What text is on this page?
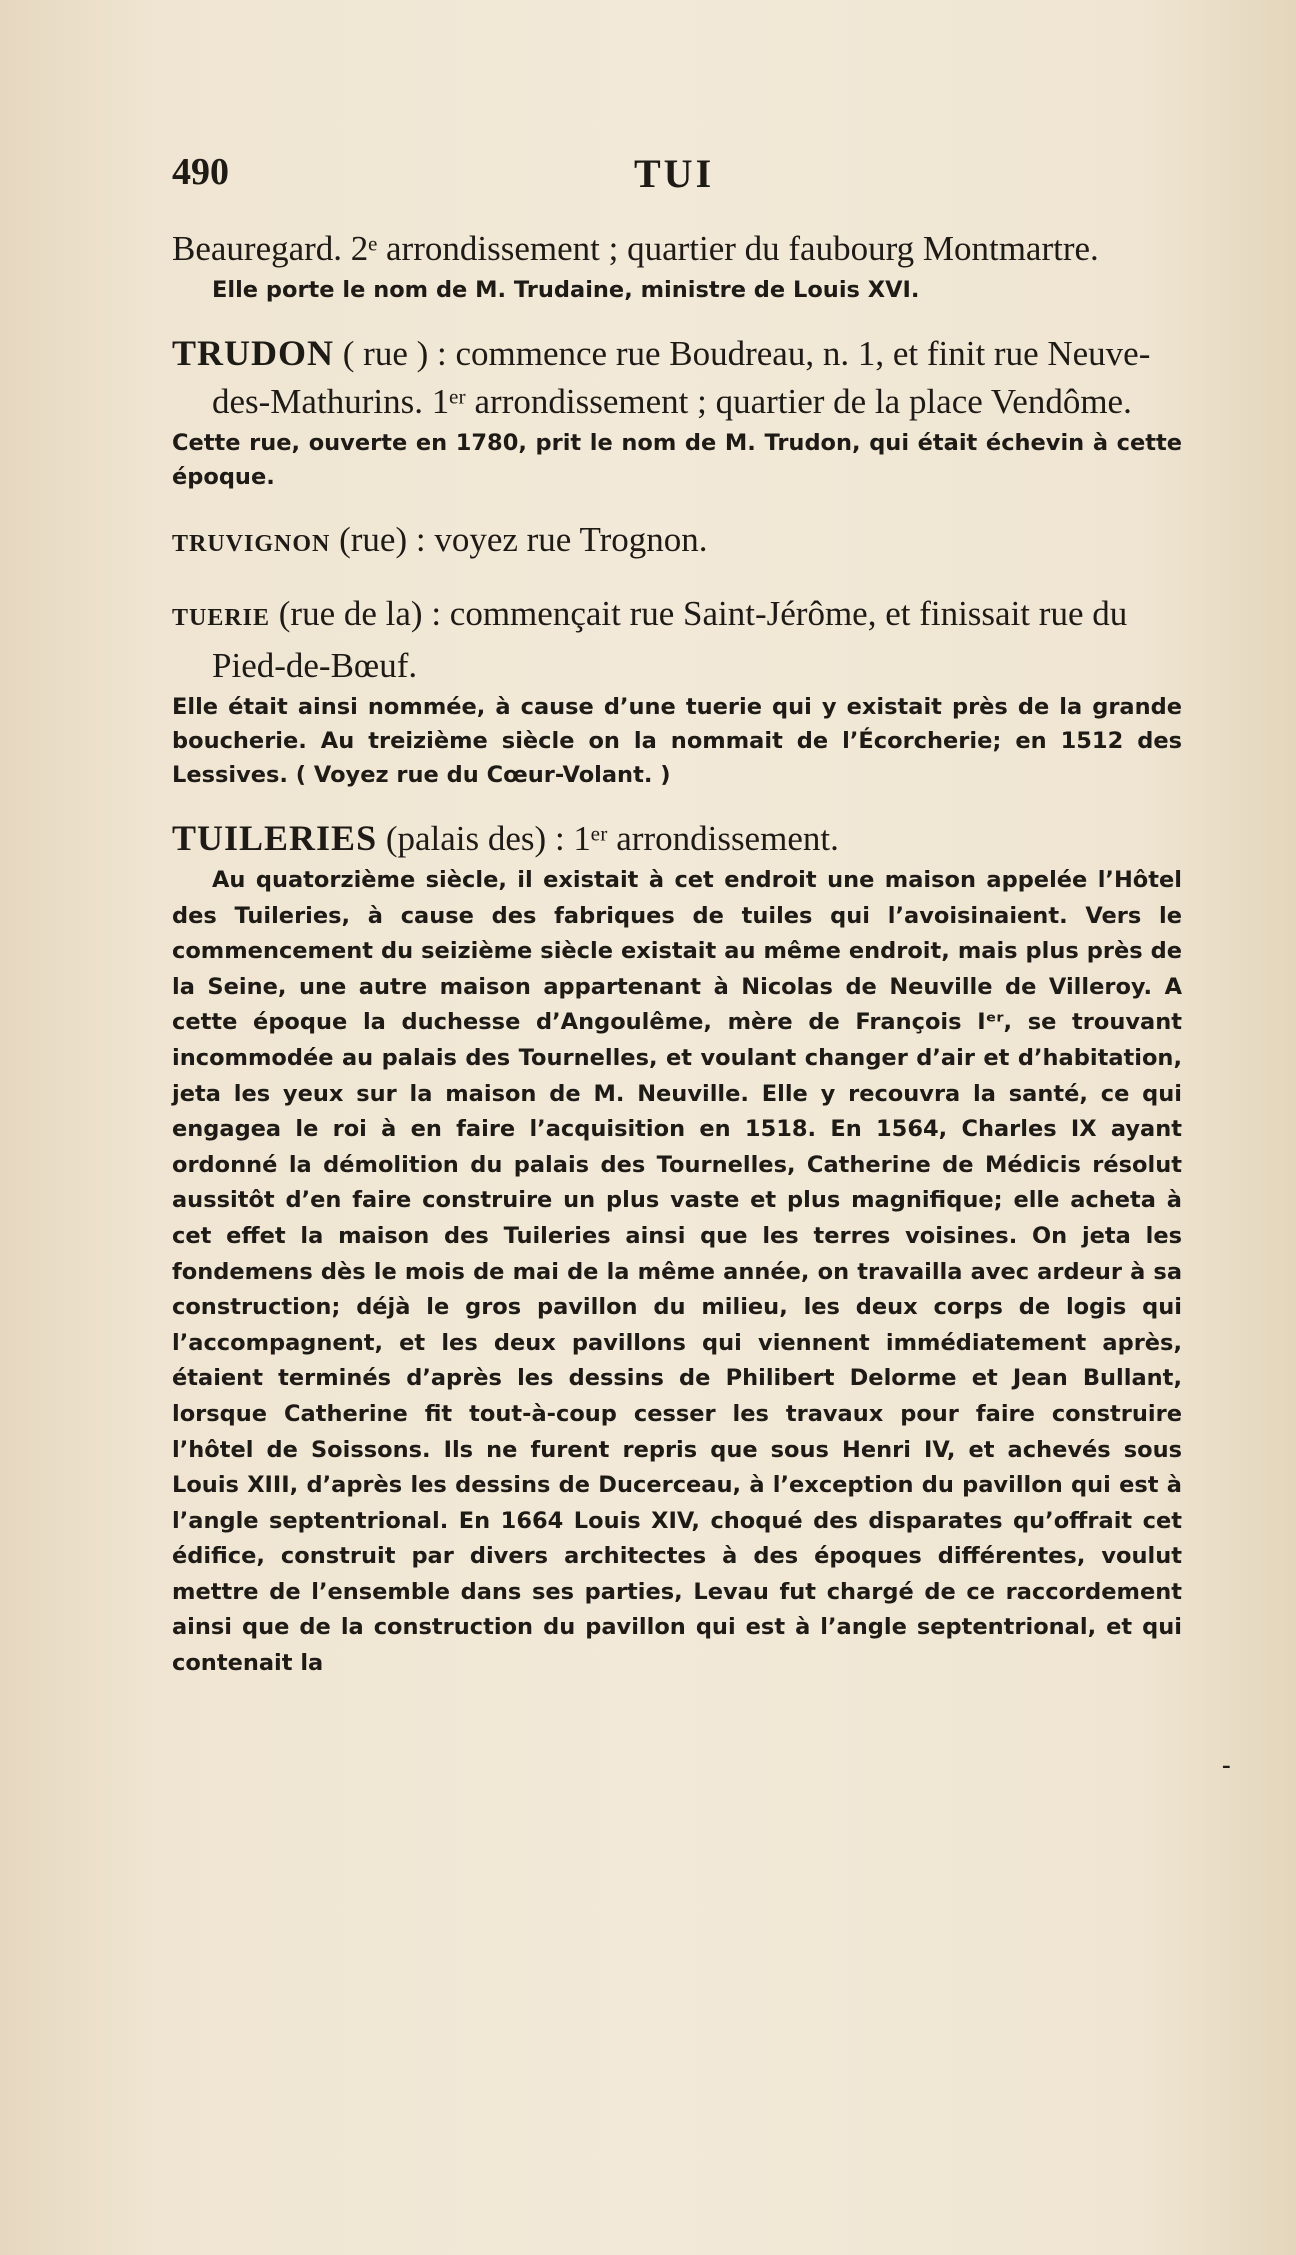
490	TUI

Beauregard. 2ᵉ arrondissement ; quartier du faubourg Montmartre.

Elle porte le nom de M. Trudaine, ministre de Louis XVI.

TRUDON ( rue ) : commence rue Boudreau, n. 1, et finit rue Neuve-des-Mathurins. 1ᵉʳ arrondissement ; quartier de la place Vendôme.

Cette rue, ouverte en 1780, prit le nom de M. Trudon, qui était échevin à cette époque.

TRUVIGNON (rue) : voyez rue Trognon.

TUERIE (rue de la) : commençait rue Saint-Jérôme, et finissait rue du Pied-de-Bœuf.

Elle était ainsi nommée, à cause d’une tuerie qui y existait près de la grande boucherie. Au treizième siècle on la nommait de l’Écorcherie; en 1512 des Lessives. ( Voyez rue du Cœur-Volant. )

TUILERIES (palais des) : 1ᵉʳ arrondissement.

Au quatorzième siècle, il existait à cet endroit une maison appelée l’Hôtel des Tuileries, à cause des fabriques de tuiles qui l’avoisinaient. Vers le commencement du seizième siècle existait au même endroit, mais plus près de la Seine, une autre maison appartenant à Nicolas de Neuville de Villeroy. A cette époque la duchesse d’Angoulême, mère de François Iᵉʳ, se trouvant incommodée au palais des Tournelles, et voulant changer d’air et d’habitation, jeta les yeux sur la maison de M. Neuville. Elle y recouvra la santé, ce qui engagea le roi à en faire l’acquisition en 1518. En 1564, Charles IX ayant ordonné la démolition du palais des Tournelles, Catherine de Médicis résolut aussitôt d’en faire construire un plus vaste et plus magnifique; elle acheta à cet effet la maison des Tuileries ainsi que les terres voisines. On jeta les fondemens dès le mois de mai de la même année, on travailla avec ardeur à sa construction; déjà le gros pavillon du milieu, les deux corps de logis qui l’accompagnent, et les deux pavillons qui viennent immédiatement après, étaient terminés d’après les dessins de Philibert Delorme et Jean Bullant, lorsque Catherine fit tout-à-coup cesser les travaux pour faire construire l’hôtel de Soissons. Ils ne furent repris que sous Henri IV, et achevés sous Louis XIII, d’après les dessins de Ducerceau, à l’exception du pavillon qui est à l’angle septentrional. En 1664 Louis XIV, choqué des disparates qu’offrait cet édifice, construit par divers architectes à des époques différentes, voulut mettre de l’ensemble dans ses parties, Levau fut chargé de ce raccordement ainsi que de la construction du pavillon qui est à l’angle septentrional, et qui contenait la

-
